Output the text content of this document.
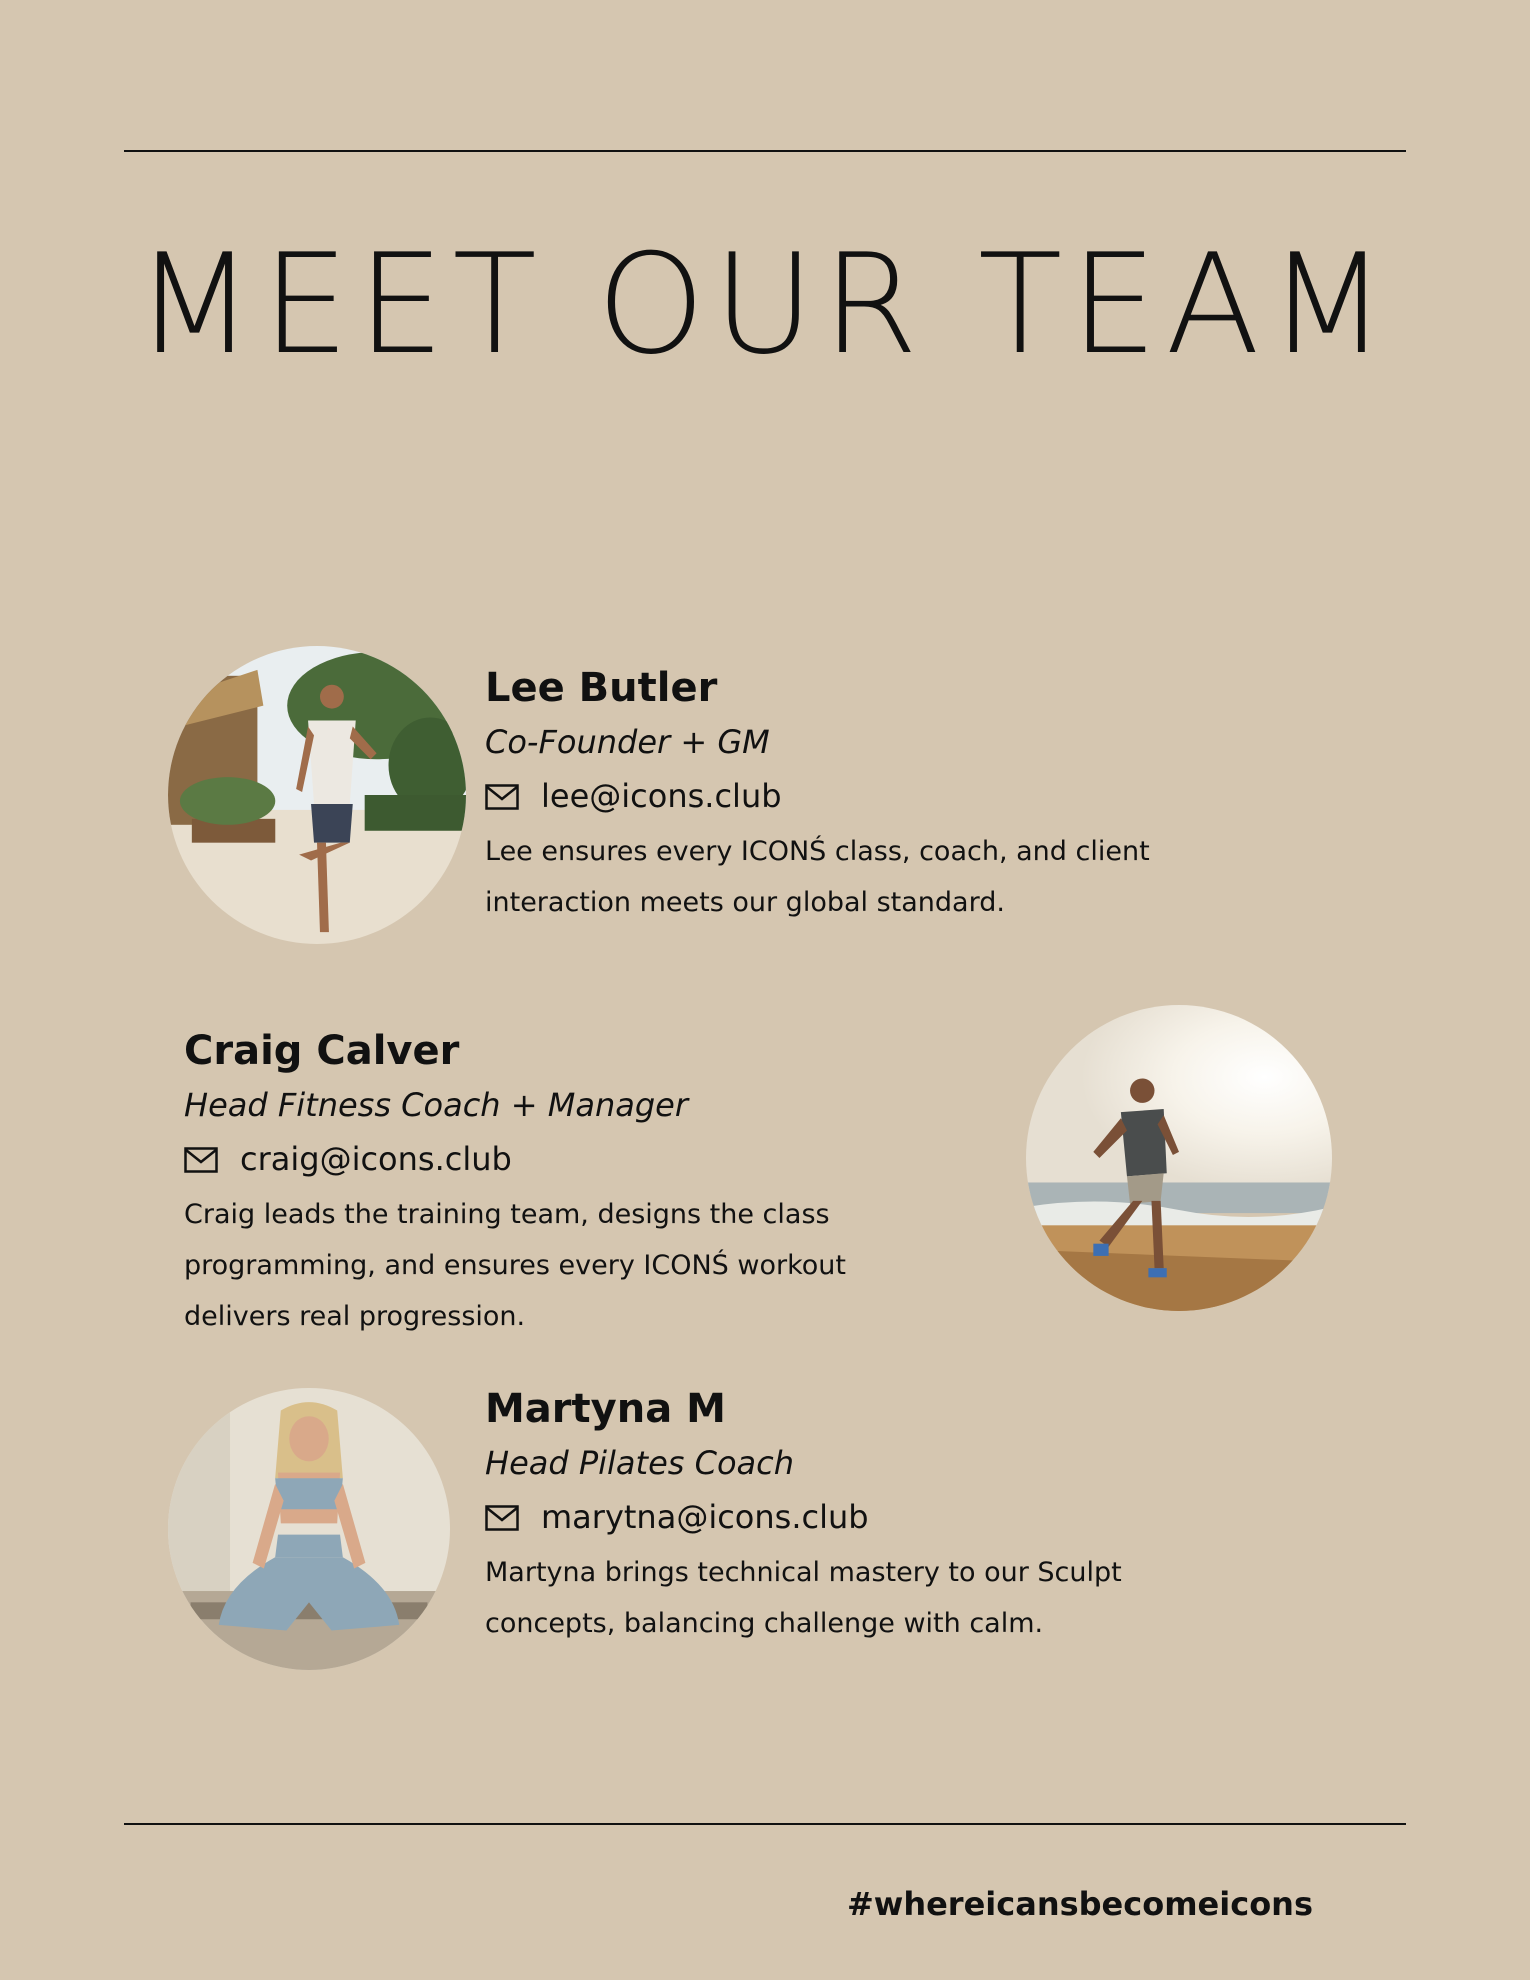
MEET OUR TEAM
Lee Butler
Co-Founder + GM
lee@icons.club
Lee ensures every ICONŚ class, coach, and client interaction meets our global standard.
Craig Calver
Head Fitness Coach + Manager
craig@icons.club
Craig leads the training team, designs the class programming, and ensures every ICONŚ workout delivers real progression.
Martyna M
Head Pilates Coach
marytna@icons.club
Martyna brings technical mastery to our Sculpt concepts, balancing challenge with calm.
#whereicansbecomeicons
